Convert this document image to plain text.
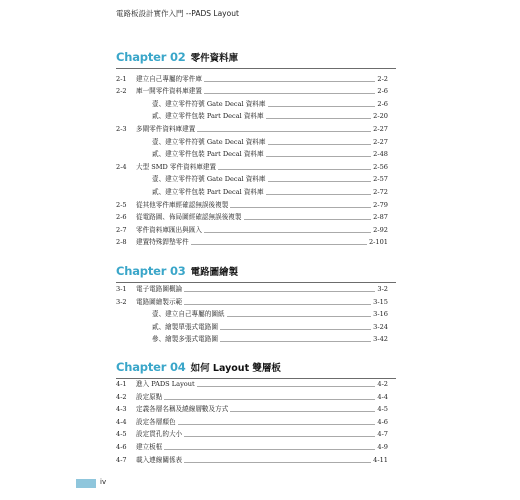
電路板設計實作入門 --PADS Layout
Chapter 02 零件資料庫
2-1	建立自己專屬的零件庫	2-2
2-2	庫一開零件資料庫建置	2-6
壹、建立零件符號 Gate Decal 資料庫	2-6
貳、建立零件包裝 Part Decal 資料庫	2-20
2-3	多閘零件資料庫建置	2-27
壹、建立零件符號 Gate Decal 資料庫	2-27
貳、建立零件包裝 Part Decal 資料庫	2-48
2-4	大型 SMD 零件資料庫建置	2-56
壹、建立零件符號 Gate Decal 資料庫	2-57
貳、建立零件包裝 Part Decal 資料庫	2-72
2-5	從其他零件庫經確認無誤後複製	2-79
2-6	從電路圖、佈局圖經確認無誤後複製	2-87
2-7	零件資料庫匯出與匯入	2-92
2-8	建置特殊銲墊零件	2-101
Chapter 03 電路圖繪製
3-1	電子電路圖概論	3-2
3-2	電路圖繪製示範	3-15
壹、建立自己專屬的圖紙	3-16
貳、繪製單張式電路圖	3-24
參、繪製多張式電路圖	3-42
Chapter 04 如何 Layout 雙層板
4-1	進入 PADS Layout	4-2
4-2	設定原點	4-4
4-3	定義各層名稱及繞線層數及方式	4-5
4-4	設定各層顏色	4-6
4-5	設定貫孔的大小	4-7
4-6	建立板框	4-9
4-7	載入連線關係表	4-11
iv
